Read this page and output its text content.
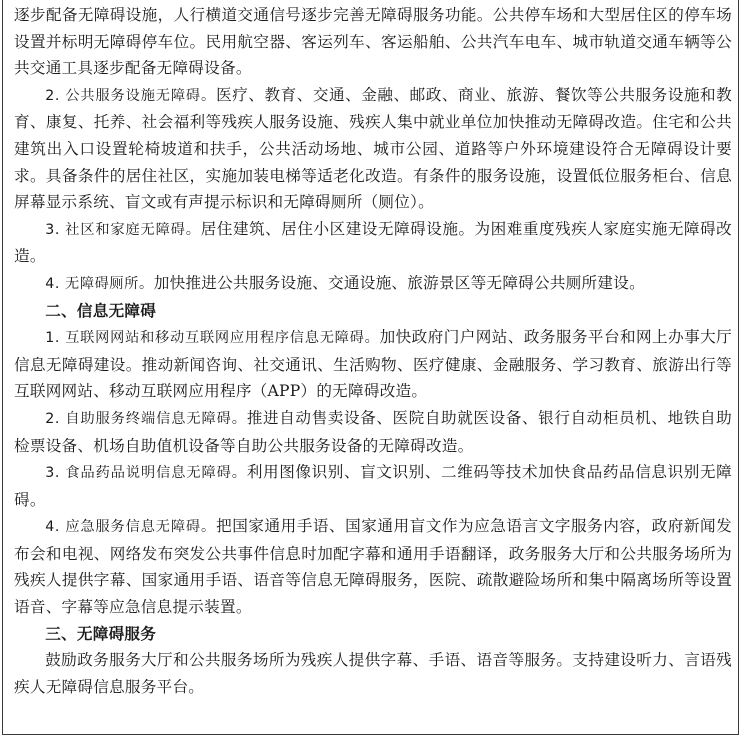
逐步配备无障碍设施，人行横道交通信号逐步完善无障碍服务功能。公共停车场和大型居住区的停车场设置并标明无障碍停车位。民用航空器、客运列车、客运船舶、公共汽车电车、城市轨道交通车辆等公共交通工具逐步配备无障碍设备。

2. 公共服务设施无障碍。医疗、教育、交通、金融、邮政、商业、旅游、餐饮等公共服务设施和教育、康复、托养、社会福利等残疾人服务设施、残疾人集中就业单位加快推动无障碍改造。住宅和公共建筑出入口设置轮椅坡道和扶手，公共活动场地、城市公园、道路等户外环境建设符合无障碍设计要求。具备条件的居住社区，实施加装电梯等适老化改造。有条件的服务设施，设置低位服务柜台、信息屏幕显示系统、盲文或有声提示标识和无障碍厕所（厕位）。

3. 社区和家庭无障碍。居住建筑、居住小区建设无障碍设施。为困难重度残疾人家庭实施无障碍改造。

4. 无障碍厕所。加快推进公共服务设施、交通设施、旅游景区等无障碍公共厕所建设。

二、信息无障碍

1. 互联网网站和移动互联网应用程序信息无障碍。加快政府门户网站、政务服务平台和网上办事大厅信息无障碍建设。推动新闻咨询、社交通讯、生活购物、医疗健康、金融服务、学习教育、旅游出行等互联网网站、移动互联网应用程序（APP）的无障碍改造。

2. 自助服务终端信息无障碍。推进自动售卖设备、医院自助就医设备、银行自动柜员机、地铁自助检票设备、机场自助值机设备等自助公共服务设备的无障碍改造。

3. 食品药品说明信息无障碍。利用图像识别、盲文识别、二维码等技术加快食品药品信息识别无障碍。

4. 应急服务信息无障碍。把国家通用手语、国家通用盲文作为应急语言文字服务内容，政府新闻发布会和电视、网络发布突发公共事件信息时加配字幕和通用手语翻译，政务服务大厅和公共服务场所为残疾人提供字幕、国家通用手语、语音等信息无障碍服务，医院、疏散避险场所和集中隔离场所等设置语音、字幕等应急信息提示装置。

三、无障碍服务

鼓励政务服务大厅和公共服务场所为残疾人提供字幕、手语、语音等服务。支持建设听力、言语残疾人无障碍信息服务平台。
